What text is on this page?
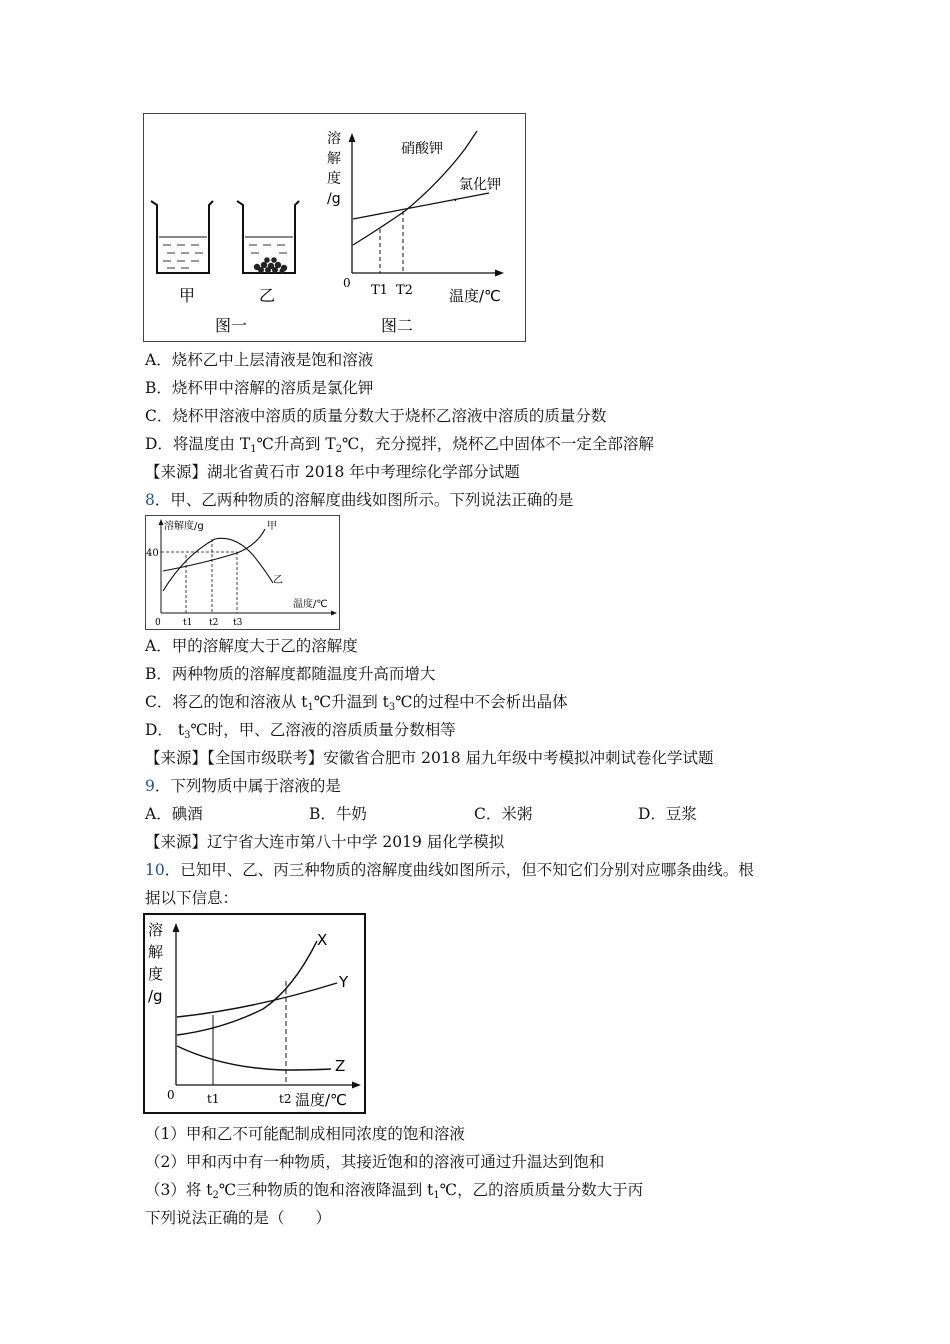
甲	乙
图一	图二
溶
解
度
/g
0
温度/℃
硝酸钾
氯化钾
T1 T2
A．烧杯乙中上层清液是饱和溶液
B．烧杯甲中溶解的溶质是氯化钾
C．烧杯甲溶液中溶质的质量分数大于烧杯乙溶液中溶质的质量分数
D．将温度由 $T_1℃$升高到 $T_2℃$，充分搅拌，烧杯乙中固体不一定全部溶解
【来源】湖北省黄石市 2018 年中考理综化学部分试题
8．甲、乙两种物质的溶解度曲线如图所示。下列说法正确的是
溶解度/g
40
温度/℃
0 t1 t2 t3
甲
乙
A．甲的溶解度大于乙的溶解度
B．两种物质的溶解度都随温度升高而增大
C．将乙的饱和溶液从 $t_1℃$升温到 $t_3℃$的过程中不会析出晶体
D． $t_3℃$时，甲、乙溶液的溶质质量分数相等
【来源】【全国市级联考】安徽省合肥市 2018 届九年级中考模拟冲刺试卷化学试题
9．下列物质中属于溶液的是
A．碘酒	B．牛奶	C．米粥	D．豆浆
【来源】辽宁省大连市第八十中学 2019 届化学模拟
10．已知甲、乙、丙三种物质的溶解度曲线如图所示，但不知它们分别对应哪条曲线。根
据以下信息：
溶
解
度
/g
0	温度/℃
X
Y
Z
t1	t2
（1）甲和乙不可能配制成相同浓度的饱和溶液
（2）甲和丙中有一种物质，其接近饱和的溶液可通过升温达到饱和
（3）将 $t_2℃$三种物质的饱和溶液降温到 $t_1℃$，乙的溶质质量分数大于丙
下列说法正确的是（　　）
